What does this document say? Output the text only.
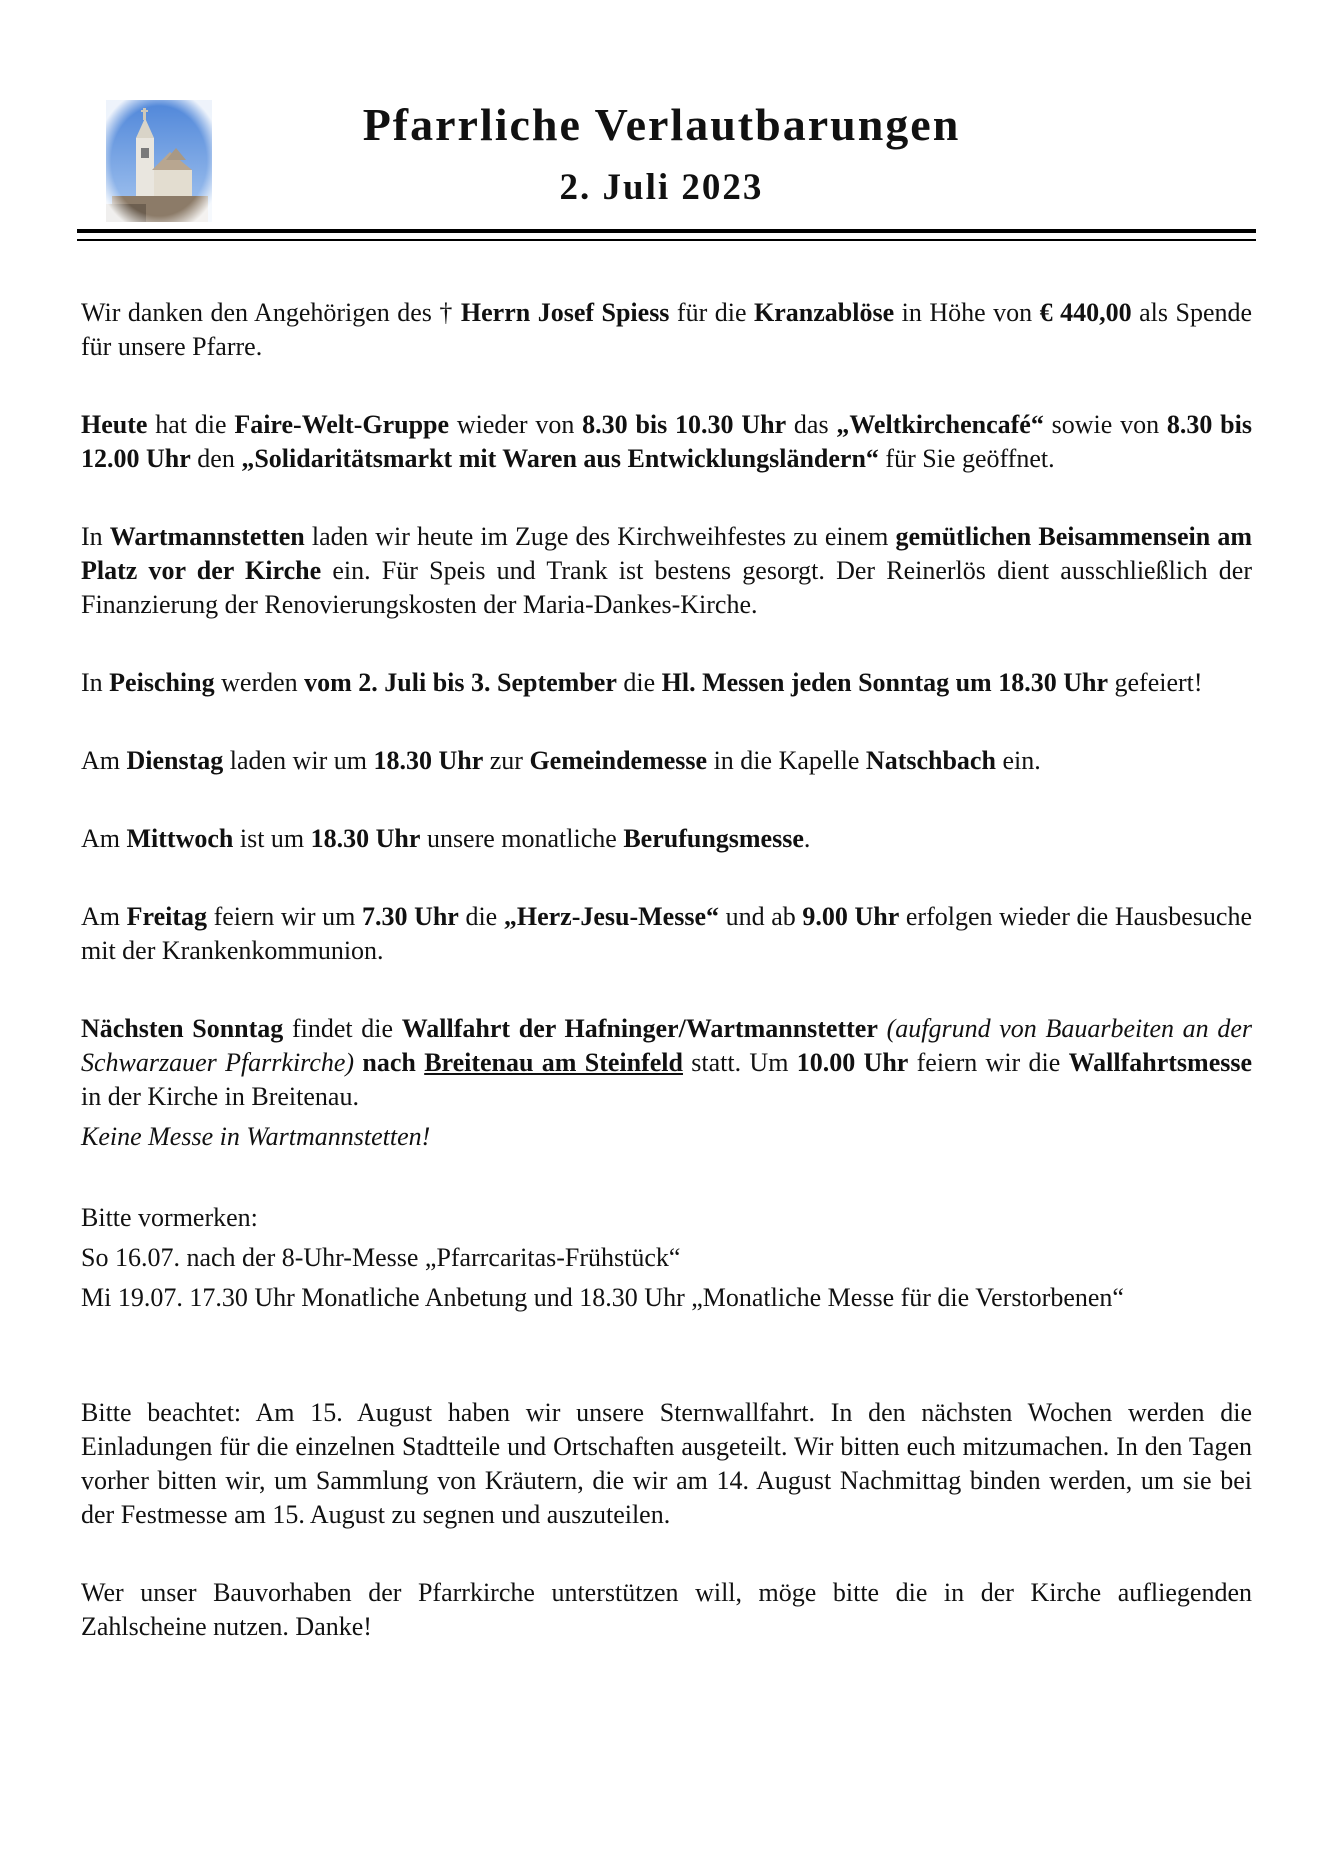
Pfarrliche Verlautbarungen
2. Juli 2023

Wir danken den Angehörigen des † Herrn Josef Spiess für die Kranzablöse in Höhe von € 440,00 als Spende für unsere Pfarre.

Heute hat die Faire-Welt-Gruppe wieder von 8.30 bis 10.30 Uhr das „Weltkirchencafé“ sowie von 8.30 bis 12.00 Uhr den „Solidaritätsmarkt mit Waren aus Entwicklungsländern“ für Sie geöffnet.

In Wartmannstetten laden wir heute im Zuge des Kirchweihfestes zu einem gemütlichen Beisammensein am Platz vor der Kirche ein. Für Speis und Trank ist bestens gesorgt. Der Reinerlös dient ausschließlich der Finanzierung der Renovierungskosten der Maria-Dankes-Kirche.

In Peisching werden vom 2. Juli bis 3. September die Hl. Messen jeden Sonntag um 18.30 Uhr gefeiert!

Am Dienstag laden wir um 18.30 Uhr zur Gemeindemesse in die Kapelle Natschbach ein.

Am Mittwoch ist um 18.30 Uhr unsere monatliche Berufungsmesse.

Am Freitag feiern wir um 7.30 Uhr die „Herz-Jesu-Messe“ und ab 9.00 Uhr erfolgen wieder die Hausbesuche mit der Krankenkommunion.

Nächsten Sonntag findet die Wallfahrt der Hafninger/Wartmannstetter (aufgrund von Bauarbeiten an der Schwarzauer Pfarrkirche) nach Breitenau am Steinfeld statt. Um 10.00 Uhr feiern wir die Wallfahrtsmesse in der Kirche in Breitenau.

Keine Messe in Wartmannstetten!

Bitte vormerken:
So 16.07. nach der 8-Uhr-Messe „Pfarrcaritas-Frühstück“
Mi 19.07. 17.30 Uhr Monatliche Anbetung und 18.30 Uhr „Monatliche Messe für die Verstorbenen“

Bitte beachtet: Am 15. August haben wir unsere Sternwallfahrt. In den nächsten Wochen werden die Einladungen für die einzelnen Stadtteile und Ortschaften ausgeteilt. Wir bitten euch mitzumachen. In den Tagen vorher bitten wir, um Sammlung von Kräutern, die wir am 14. August Nachmittag binden werden, um sie bei der Festmesse am 15. August zu segnen und auszuteilen.

Wer unser Bauvorhaben der Pfarrkirche unterstützen will, möge bitte die in der Kirche aufliegenden Zahlscheine nutzen. Danke!
